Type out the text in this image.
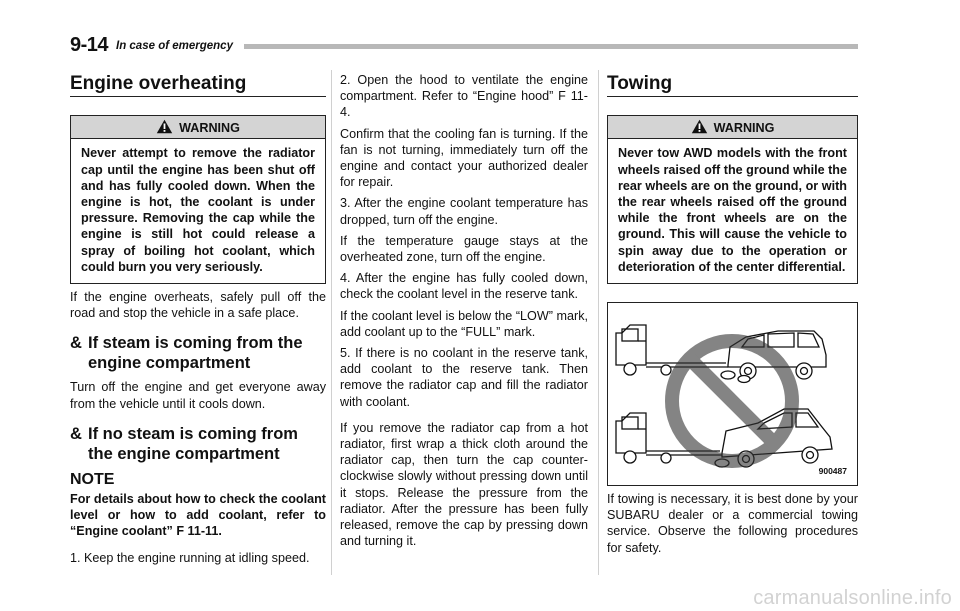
9-14 In case of emergency
Engine overheating
WARNING
Never attempt to remove the radiator cap until the engine has been shut off and has fully cooled down. When the engine is hot, the coolant is under pressure. Removing the cap while the engine is still hot could release a spray of boiling hot coolant, which could burn you very seriously.

If the engine overheats, safely pull off the road and stop the vehicle in a safe place.

& If steam is coming from the engine compartment

Turn off the engine and get everyone away from the vehicle until it cools down.

& If no steam is coming from the engine compartment
NOTE

For details about how to check the coolant level or how to add coolant, refer to “Engine coolant” F 11-11.

1. Keep the engine running at idling speed.

2. Open the hood to ventilate the engine compartment. Refer to “Engine hood” F 11-4.

Confirm that the cooling fan is turning. If the fan is not turning, immediately turn off the engine and contact your authorized dealer for repair.

3. After the engine coolant temperature has dropped, turn off the engine.

If the temperature gauge stays at the overheated zone, turn off the engine.

4. After the engine has fully cooled down, check the coolant level in the reserve tank.

If the coolant level is below the “LOW” mark, add coolant up to the “FULL” mark.

5. If there is no coolant in the reserve tank, add coolant to the reserve tank. Then remove the radiator cap and fill the radiator with coolant.

If you remove the radiator cap from a hot radiator, first wrap a thick cloth around the radiator cap, then turn the cap counterclockwise slowly without pressing down until it stops. Release the pressure from the radiator. After the pressure has been fully released, remove the cap by pressing down and turning it.

Towing
WARNING
Never tow AWD models with the front wheels raised off the ground while the rear wheels are on the ground, or with the rear wheels raised off the ground while the front wheels are on the ground. This will cause the vehicle to spin away due to the operation or deterioration of the center differential.
900487

If towing is necessary, it is best done by your SUBARU dealer or a commercial towing service. Observe the following procedures for safety.

carmanualsonline.info
